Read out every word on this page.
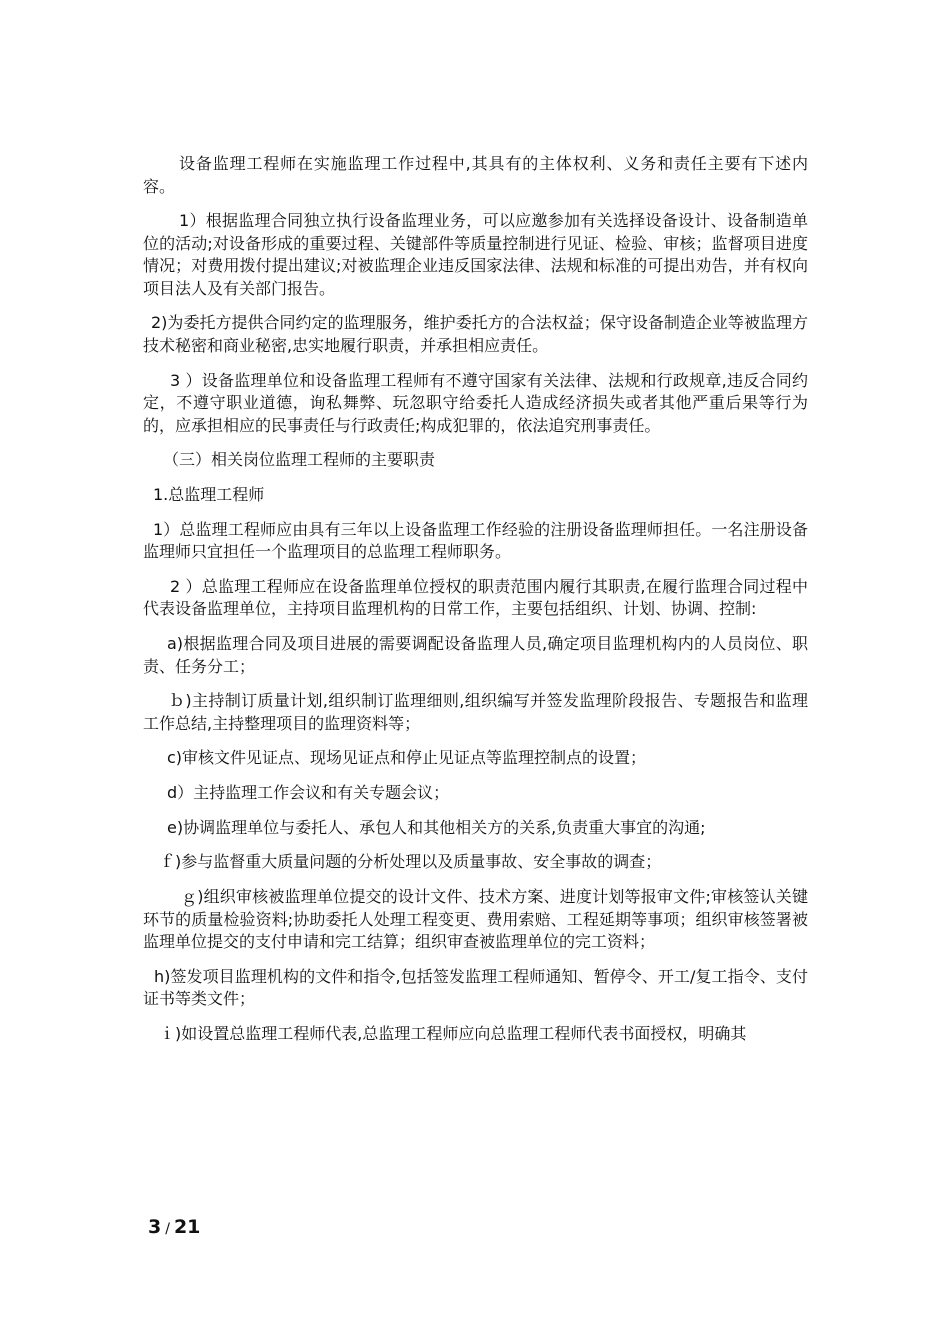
设备监理工程师在实施监理工作过程中,其具有的主体权利、义务和责任主要有下述内容。

1）根据监理合同独立执行设备监理业务，可以应邀参加有关选择设备设计、设备制造单位的活动;对设备形成的重要过程、关键部件等质量控制进行见证、检验、审核；监督项目进度情况；对费用拨付提出建议;对被监理企业违反国家法律、法规和标准的可提出劝告，并有权向项目法人及有关部门报告。

2)为委托方提供合同约定的监理服务，维护委托方的合法权益；保守设备制造企业等被监理方技术秘密和商业秘密,忠实地履行职责，并承担相应责任。

3 ）设备监理单位和设备监理工程师有不遵守国家有关法律、法规和行政规章,违反合同约定，不遵守职业道德，询私舞弊、玩忽职守给委托人造成经济损失或者其他严重后果等行为的，应承担相应的民事责任与行政责任;构成犯罪的，依法追究刑事责任。

（三）相关岗位监理工程师的主要职责

1.总监理工程师

1）总监理工程师应由具有三年以上设备监理工作经验的注册设备监理师担任。一名注册设备监理师只宜担任一个监理项目的总监理工程师职务。

2 ）总监理工程师应在设备监理单位授权的职责范围内履行其职责,在履行监理合同过程中代表设备监理单位，主持项目监理机构的日常工作，主要包括组织、计划、协调、控制:

a)根据监理合同及项目进展的需要调配设备监理人员,确定项目监理机构内的人员岗位、职责、任务分工；

ｂ)主持制订质量计划,组织制订监理细则,组织编写并签发监理阶段报告、专题报告和监理工作总结,主持整理项目的监理资料等；

c)审核文件见证点、现场见证点和停止见证点等监理控制点的设置；

d）主持监理工作会议和有关专题会议；

e)协调监理单位与委托人、承包人和其他相关方的关系,负责重大事宜的沟通;

ｆ)参与监督重大质量问题的分析处理以及质量事故、安全事故的调查；

ｇ)组织审核被监理单位提交的设计文件、技术方案、进度计划等报审文件;审核签认关键环节的质量检验资料;协助委托人处理工程变更、费用索赔、工程延期等事项；组织审核签署被监理单位提交的支付申请和完工结算；组织审查被监理单位的完工资料；

h)签发项目监理机构的文件和指令,包括签发监理工程师通知、暂停令、开工/复工指令、支付证书等类文件；

ｉ)如设置总监理工程师代表,总监理工程师应向总监理工程师代表书面授权，明确其

3 / 21
